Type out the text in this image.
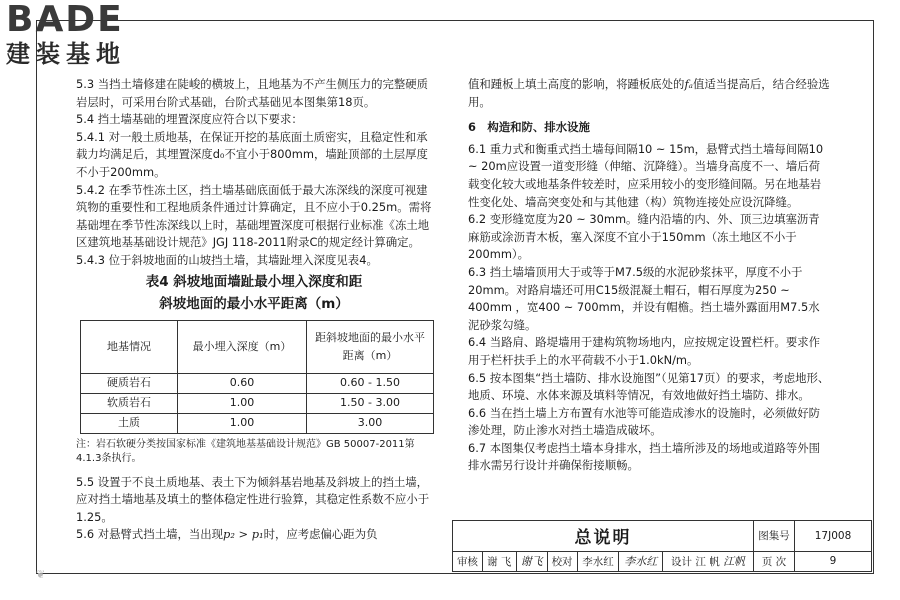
BADE
建装基地

5.3 当挡土墙修建在陡峻的横坡上，且地基为不产生侧压力的完整硬质岩层时，可采用台阶式基础，台阶式基础见本图集第18页。

5.4 挡土墙基础的埋置深度应符合以下要求：

5.4.1 对一般土质地基，在保证开挖的基底面土质密实，且稳定性和承载力均满足后，其埋置深度d₀不宜小于800mm，墙趾顶部的土层厚度不小于200mm。

5.4.2 在季节性冻土区，挡土墙基础底面低于最大冻深线的深度可视建筑物的重要性和工程地质条件通过计算确定，且不应小于0.25m。需将基础埋在季节性冻深线以上时，基础埋置深度可根据行业标准《冻土地区建筑地基基础设计规范》JGJ 118-2011附录C的规定经计算确定。

5.4.3 位于斜坡地面的山坡挡土墙，其墙趾埋入深度见表4。

表4 斜坡地面墙趾最小埋入深度和距

斜坡地面的最小水平距离（m）

地基情况	最小埋入深度（m）	距斜坡地面的最小水平距离（m）
硬质岩石	0.60	0.60 - 1.50
软质岩石	1.00	1.50 - 3.00
土质	1.00	3.00

注：岩石软硬分类按国家标准《建筑地基基础设计规范》GB 50007-2011第4.1.3条执行。

5.5 设置于不良土质地基、表土下为倾斜基岩地基及斜坡上的挡土墙，应对挡土墙地基及填土的整体稳定性进行验算，其稳定性系数不应小于1.25。

5.6 对悬臂式挡土墙，当出现p₂ > p₁时，应考虑偏心距为负

值和踵板上填土高度的影响，将踵板底处的fₐ值适当提高后，结合经验选用。

6　构造和防、排水设施

6.1 重力式和衡重式挡土墙每间隔10 ~ 15m，悬臂式挡土墙每间隔10 ~ 20m应设置一道变形缝（伸缩、沉降缝）。当墙身高度不一、墙后荷载变化较大或地基条件较差时，应采用较小的变形缝间隔。另在地基岩性变化处、墙高突变处和与其他建（构）筑物连接处应设沉降缝。

6.2 变形缝宽度为20 ~ 30mm。缝内沿墙的内、外、顶三边填塞沥青麻筋或涂沥青木板，塞入深度不宜小于150mm（冻土地区不小于200mm）。

6.3 挡土墙墙顶用大于或等于M7.5级的水泥砂浆抹平，厚度不小于20mm。对路肩墙还可用C15级混凝土帽石，帽石厚度为250 ~ 400mm ，宽400 ~ 700mm，并设有帽檐。挡土墙外露面用M7.5水泥砂浆勾缝。

6.4 当路肩、路堤墙用于建构筑物场地内，应按规定设置栏杆。要求作用于栏杆扶手上的水平荷载不小于1.0kN/m。

6.5 按本图集“挡土墙防、排水设施图”（见第17页）的要求，考虑地形、地质、环境、水体来源及填料等情况，有效地做好挡土墙防、排水。

6.6 当在挡土墙上方布置有水池等可能造成渗水的设施时，必须做好防渗处理，防止渗水对挡土墙造成破坏。

6.7 本图集仅考虑挡土墙本身排水，挡土墙所涉及的场地或道路等外围排水需另行设计并确保衔接顺畅。

总说明							图集号	17J008
审核	谢 飞	谢飞	校对	李水红	李水红	设计 江 帆 江帆	页 次	9
❦
